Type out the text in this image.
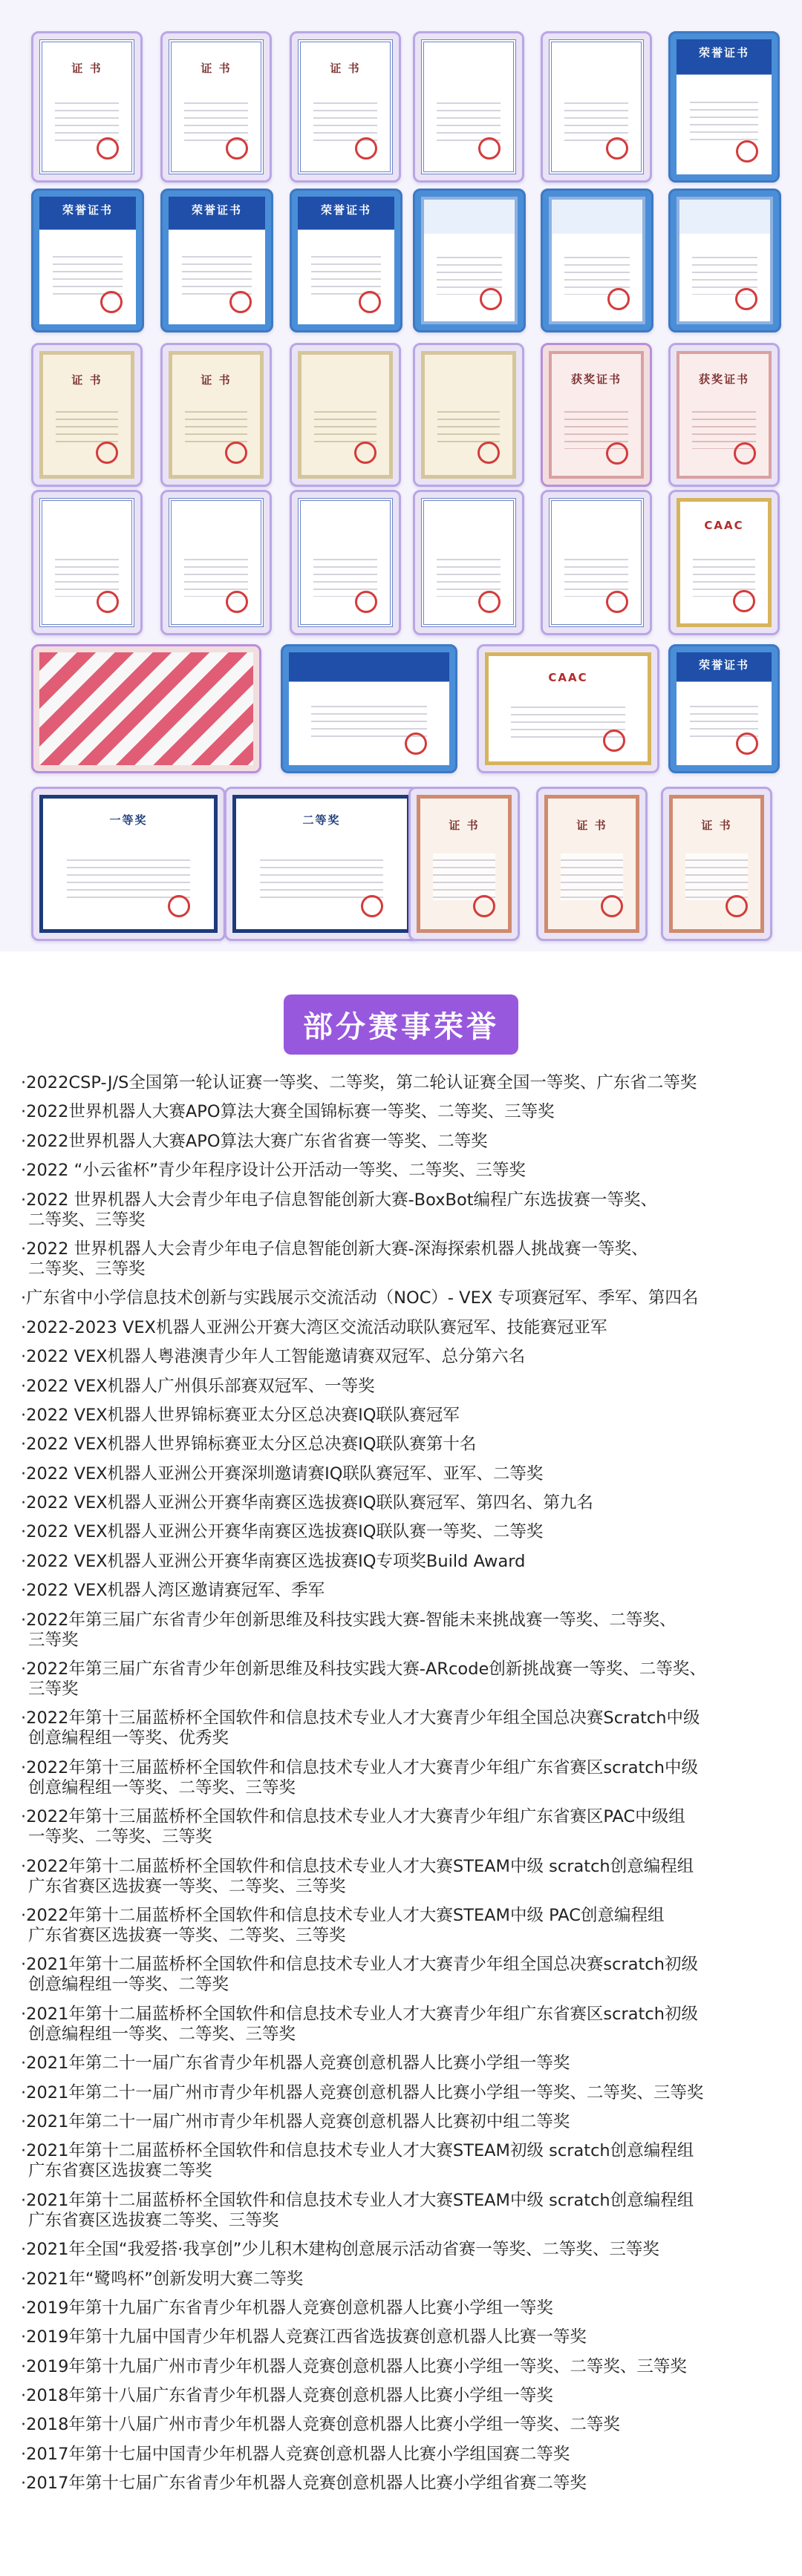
证 书	证 书	证 书
荣誉证书
荣誉证书	荣誉证书	荣誉证书
证 书	证 书	获奖证书	获奖证书
CAAC
CAAC
荣誉证书
一等奖	二等奖	证 书	证 书	证 书
部分赛事荣誉
·2022CSP-J/S全国第一轮认证赛一等奖、二等奖，第二轮认证赛全国一等奖、广东省二等奖
·2022世界机器人大赛APO算法大赛全国锦标赛一等奖、二等奖、三等奖
·2022世界机器人大赛APO算法大赛广东省省赛一等奖、二等奖
·2022 “小云雀杯”青少年程序设计公开活动一等奖、二等奖、三等奖
·2022 世界机器人大会青少年电子信息智能创新大赛-BoxBot编程广东选拔赛一等奖、
二等奖、三等奖
·2022 世界机器人大会青少年电子信息智能创新大赛-深海探索机器人挑战赛一等奖、
二等奖、三等奖
·广东省中小学信息技术创新与实践展示交流活动（NOC）- VEX 专项赛冠军、季军、第四名
·2022-2023 VEX机器人亚洲公开赛大湾区交流活动联队赛冠军、技能赛冠亚军
·2022 VEX机器人粤港澳青少年人工智能邀请赛双冠军、总分第六名
·2022 VEX机器人广州俱乐部赛双冠军、一等奖
·2022 VEX机器人世界锦标赛亚太分区总决赛IQ联队赛冠军
·2022 VEX机器人世界锦标赛亚太分区总决赛IQ联队赛第十名
·2022 VEX机器人亚洲公开赛深圳邀请赛IQ联队赛冠军、亚军、二等奖
·2022 VEX机器人亚洲公开赛华南赛区选拔赛IQ联队赛冠军、第四名、第九名
·2022 VEX机器人亚洲公开赛华南赛区选拔赛IQ联队赛一等奖、二等奖
·2022 VEX机器人亚洲公开赛华南赛区选拔赛IQ专项奖Build Award
·2022 VEX机器人湾区邀请赛冠军、季军
·2022年第三届广东省青少年创新思维及科技实践大赛-智能未来挑战赛一等奖、二等奖、
三等奖
·2022年第三届广东省青少年创新思维及科技实践大赛-ARcode创新挑战赛一等奖、二等奖、
三等奖
·2022年第十三届蓝桥杯全国软件和信息技术专业人才大赛青少年组全国总决赛Scratch中级
创意编程组一等奖、优秀奖
·2022年第十三届蓝桥杯全国软件和信息技术专业人才大赛青少年组广东省赛区scratch中级
创意编程组一等奖、二等奖、三等奖
·2022年第十三届蓝桥杯全国软件和信息技术专业人才大赛青少年组广东省赛区PAC中级组
一等奖、二等奖、三等奖
·2022年第十二届蓝桥杯全国软件和信息技术专业人才大赛STEAM中级 scratch创意编程组
广东省赛区选拔赛一等奖、二等奖、三等奖
·2022年第十二届蓝桥杯全国软件和信息技术专业人才大赛STEAM中级 PAC创意编程组
广东省赛区选拔赛一等奖、二等奖、三等奖
·2021年第十二届蓝桥杯全国软件和信息技术专业人才大赛青少年组全国总决赛scratch初级
创意编程组一等奖、二等奖
·2021年第十二届蓝桥杯全国软件和信息技术专业人才大赛青少年组广东省赛区scratch初级
创意编程组一等奖、二等奖、三等奖
·2021年第二十一届广东省青少年机器人竞赛创意机器人比赛小学组一等奖
·2021年第二十一届广州市青少年机器人竞赛创意机器人比赛小学组一等奖、二等奖、三等奖
·2021年第二十一届广州市青少年机器人竞赛创意机器人比赛初中组二等奖
·2021年第十二届蓝桥杯全国软件和信息技术专业人才大赛STEAM初级 scratch创意编程组
广东省赛区选拔赛二等奖
·2021年第十二届蓝桥杯全国软件和信息技术专业人才大赛STEAM中级 scratch创意编程组
广东省赛区选拔赛二等奖、三等奖
·2021年全国“我爱搭·我享创”少儿积木建构创意展示活动省赛一等奖、二等奖、三等奖
·2021年“鹭鸣杯”创新发明大赛二等奖
·2019年第十九届广东省青少年机器人竞赛创意机器人比赛小学组一等奖
·2019年第十九届中国青少年机器人竞赛江西省选拔赛创意机器人比赛一等奖
·2019年第十九届广州市青少年机器人竞赛创意机器人比赛小学组一等奖、二等奖、三等奖
·2018年第十八届广东省青少年机器人竞赛创意机器人比赛小学组一等奖
·2018年第十八届广州市青少年机器人竞赛创意机器人比赛小学组一等奖、二等奖
·2017年第十七届中国青少年机器人竞赛创意机器人比赛小学组国赛二等奖
·2017年第十七届广东省青少年机器人竞赛创意机器人比赛小学组省赛二等奖
